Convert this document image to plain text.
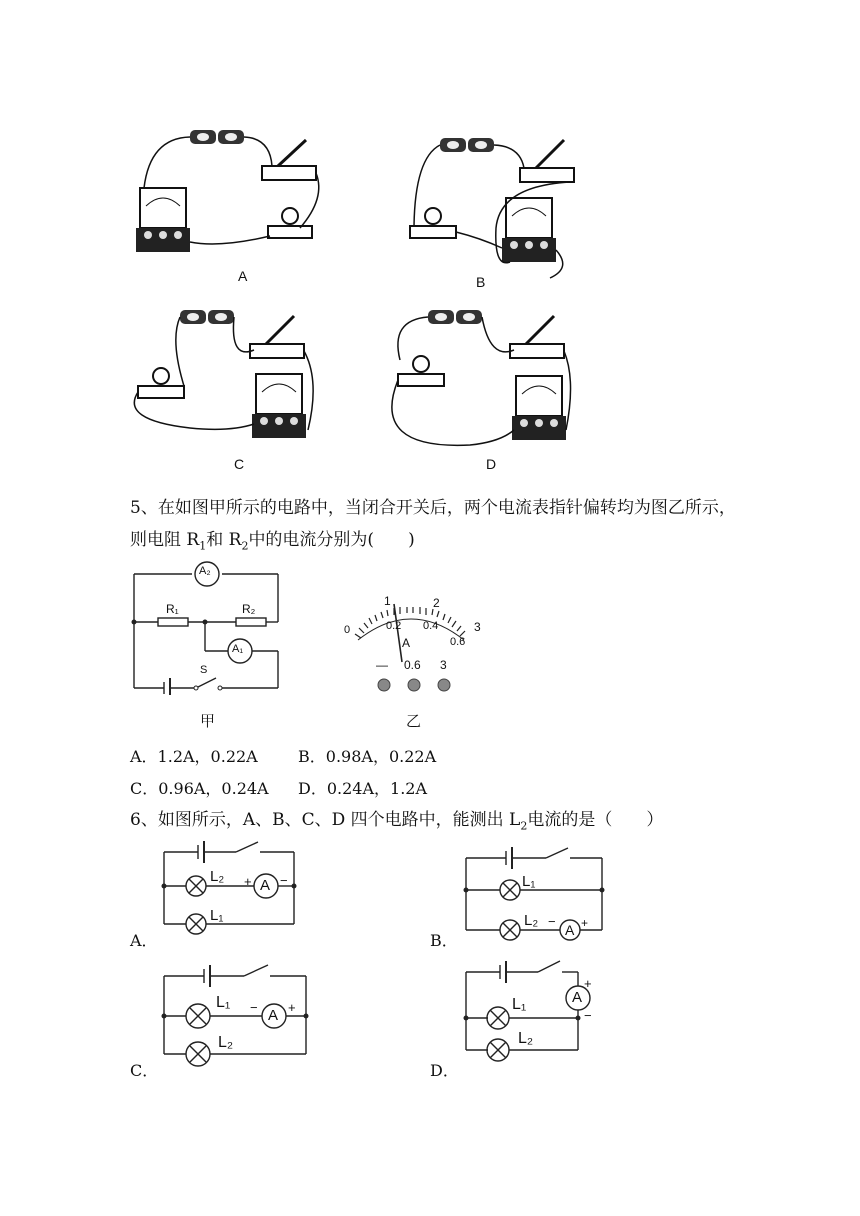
A	B
C	D
5、在如图甲所示的电路中，当闭合开关后，两个电流表指针偏转均为图乙所示，
则电阻 $R_1$和 $R_2$中的电流分别为(　　)
A₂
R₁	R₂
A₁
S
甲
1	2
3
0	0.2 0.4
0.6
A
— 0.6 3
乙
A．1.2A，0.22A	B．0.98A，0.22A
C．0.96A，0.24A D．0.24A，1.2A
6、如图所示，A、B、C、D 四个电路中，能测出 $L_2$电流的是（　　）
A．
L₂ + A −
L₁
B．
L₁
L₂ −
A +
C．
L₁ − A +
L₂
D．
+
A
−
L₁
L₂
